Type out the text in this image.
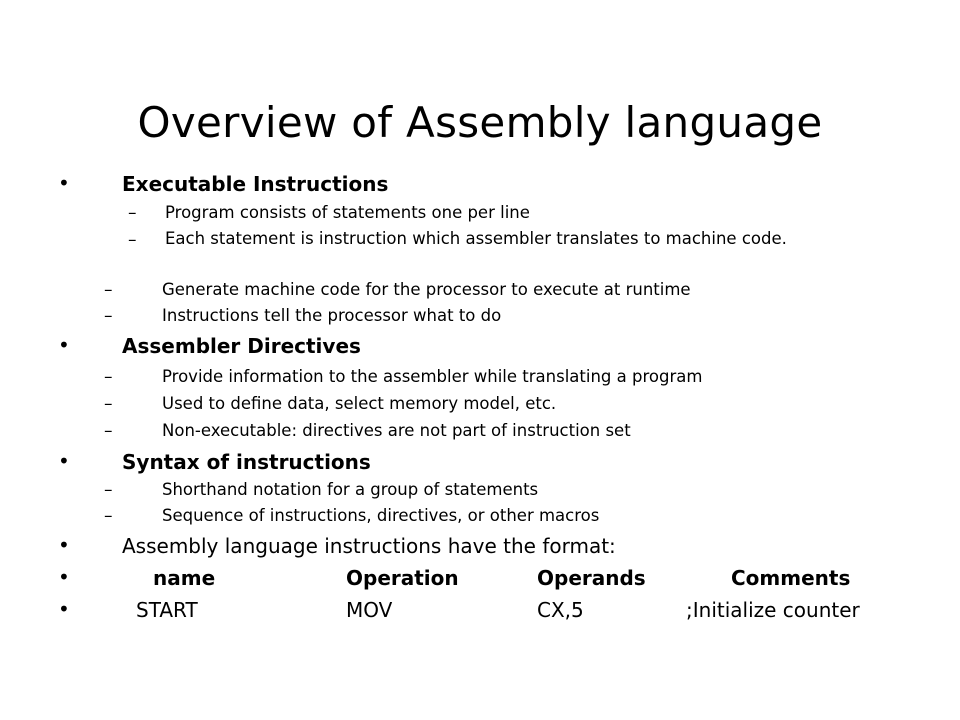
Overview of Assembly language
•	Executable Instructions
– Program consists of statements one per line
– Each statement is instruction which assembler translates to machine code.
–	Generate machine code for the processor to execute at runtime
–	Instructions tell the processor what to do
•	Assembler Directives
–	Provide information to the assembler while translating a program
–	Used to define data, select memory model, etc.
–	Non-executable: directives are not part of instruction set
•	Syntax of instructions
–	Shorthand notation for a group of statements
–	Sequence of instructions, directives, or other macros
•	Assembly language instructions have the format:
•	name	Operation	Operands	Comments
•	START	MOV	CX,5	;Initialize counter
